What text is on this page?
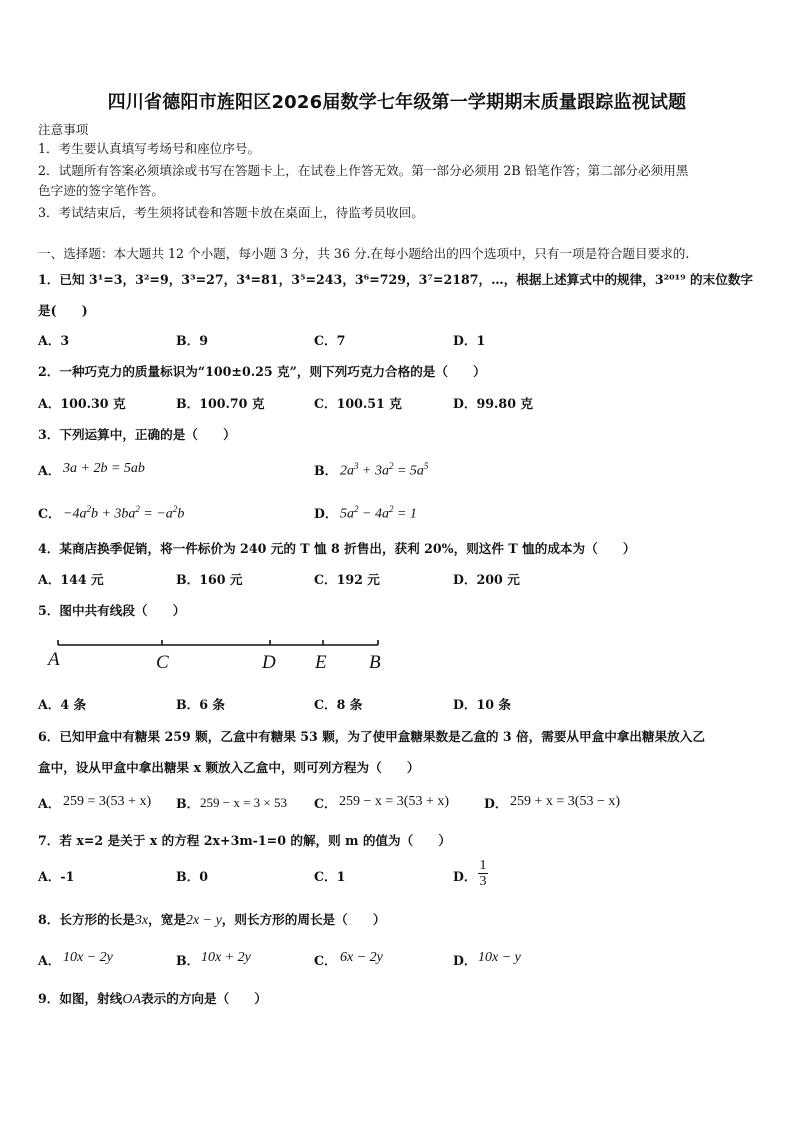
四川省德阳市旌阳区2026届数学七年级第一学期期末质量跟踪监视试题
注意事项
1．考生要认真填写考场号和座位序号。
2．试题所有答案必须填涂或书写在答题卡上，在试卷上作答无效。第一部分必须用 2B 铅笔作答；第二部分必须用黑
色字迹的签字笔作答。
3．考试结束后，考生须将试卷和答题卡放在桌面上，待监考员收回。
一、选择题：本大题共 12 个小题，每小题 3 分，共 36 分.在每小题给出的四个选项中，只有一项是符合题目要求的.
1．已知 3¹=3，3²=9，3³=27，3⁴=81，3⁵=243，3⁶=729，3⁷=2187，…，根据上述算式中的规律，3²⁰¹⁹ 的末位数字
是(　　)
A．3	B．9	C．7	D．1
2．一种巧克力的质量标识为“100±0.25 克”，则下列巧克力合格的是（　　）
A．100.30 克	B．100.70 克	C．100.51 克	D．99.80 克
3．下列运算中，正确的是（　　）
A． 3a + 2b = 5ab	B． $2a^3 + 3a^2 = 5a^5$
C． $-4a^2b + 3ba^2 = -a^2b$	D． $5a^2 - 4a^2 = 1$
4．某商店换季促销，将一件标价为 240 元的 T 恤 8 折售出，获利 20%，则这件 T 恤的成本为（　　）
A．144 元	B．160 元	C．192 元	D．200 元
5．图中共有线段（　　）
A	C	D E B
A．4 条	B．6 条	C．8 条	D．10 条
6．已知甲盒中有糖果 259 颗，乙盒中有糖果 53 颗，为了使甲盒糖果数是乙盒的 3 倍，需要从甲盒中拿出糖果放入乙
盒中，设从甲盒中拿出糖果 x 颗放入乙盒中，则可列方程为（　　）
A． 259 = 3(53 + x) B． 259 − x = 3 × 53 C． 259 − x = 3(53 + x)	D． 259 + x = 3(53 − x)
7．若 x=2 是关于 x 的方程 2x+3m-1=0 的解，则 m 的值为（　　）
A．-1	B．0	C．1	D．
1
3
8．长方形的长是3x，宽是2x − y，则长方形的周长是（　　）
A． 10x − 2y	B． 10x + 2y	C． 6x − 2y	D． 10x − y
9．如图，射线OA表示的方向是（　　）
